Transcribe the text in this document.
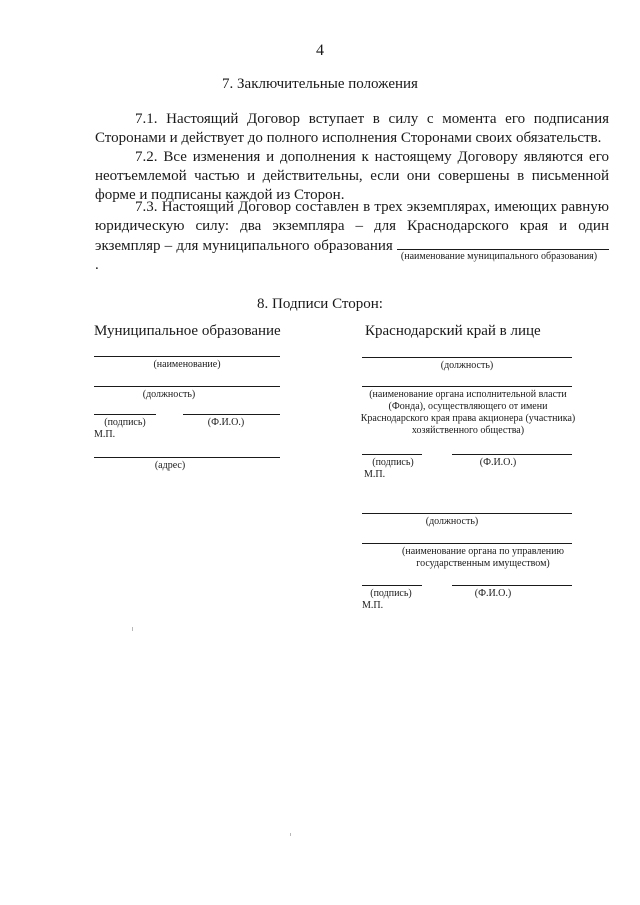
4
7. Заключительные положения

7.1. Настоящий Договор вступает в силу с момента его подписания Сторонами и действует до полного исполнения Сторонами своих обязательств.

7.2. Все изменения и дополнения к настоящему Договору являются его неотъемлемой частью и действительны, если они совершены в письменной форме и подписаны каждой из Сторон.

7.3. Настоящий Договор составлен в трех экземплярах, имеющих равную юридическую силу: два экземпляра – для Краснодарского края и один экземпляр – для муниципального образования .

(наименование муниципального образования)
8. Подписи Сторон:
Муниципальное образование
(наименование)
(должность)
(подпись)	(Ф.И.О.)
М.П.
(адрес)
Краснодарский край в лице
(должность)
(наименование органа исполнительной власти (Фонда), осуществляющего от имени Краснодарского края права акционера (участника) хозяйственного общества)
(подпись)	(Ф.И.О.)
М.П.
(должность)
(наименование органа по управлению государственным имуществом)
(подпись)	(Ф.И.О.)
М.П.
